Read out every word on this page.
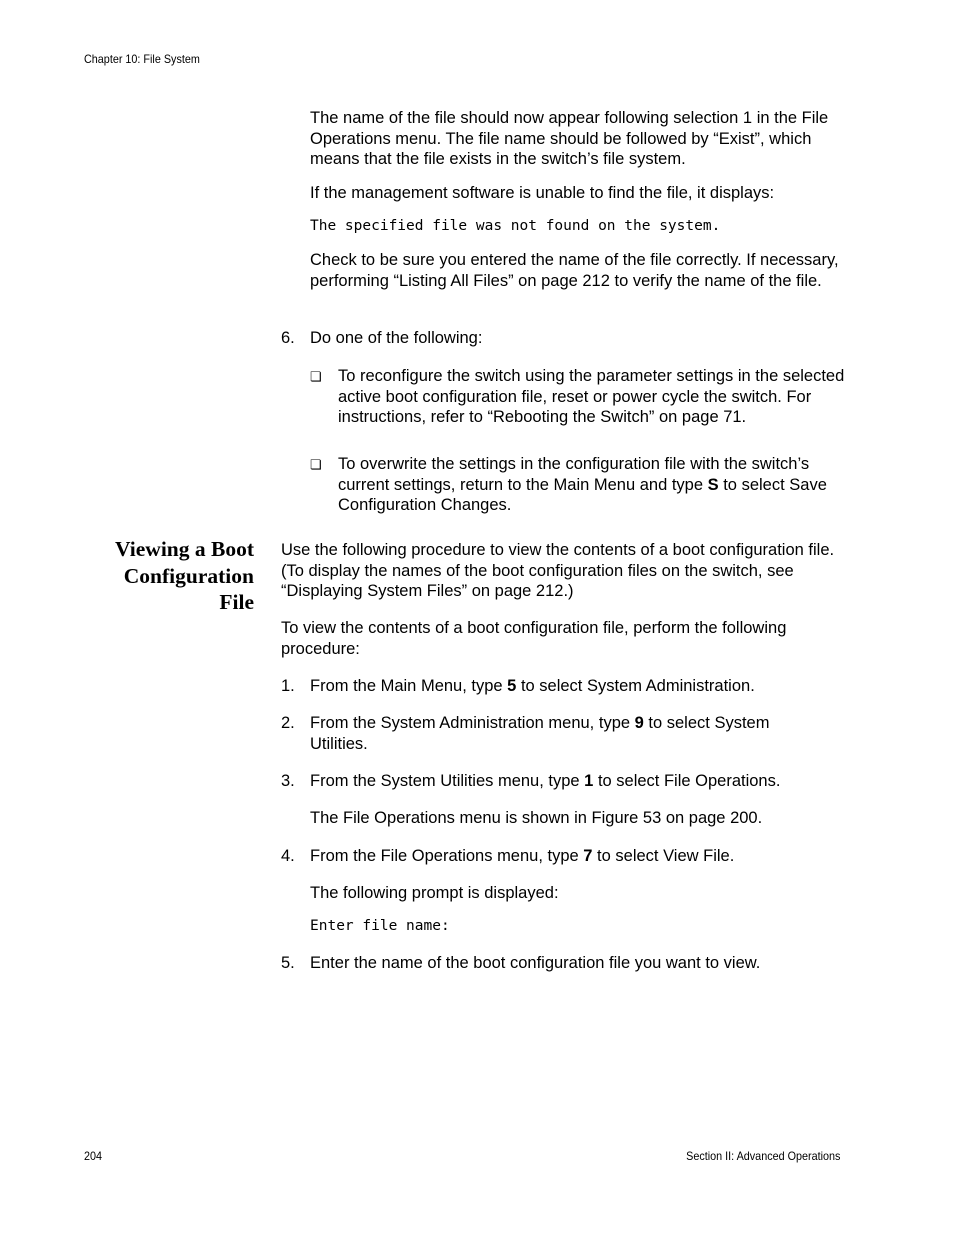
Chapter 10: File System

The name of the file should now appear following selection 1 in the File Operations menu. The file name should be followed by “Exist”, which means that the file exists in the switch’s file system.

If the management software is unable to find the file, it displays:

The specified file was not found on the system.

Check to be sure you entered the name of the file correctly. If necessary, performing “Listing All Files” on page 212 to verify the name of the file.

6. Do one of the following:

❏ To reconfigure the switch using the parameter settings in the selected active boot configuration file, reset or power cycle the switch. For instructions, refer to “Rebooting the Switch” on page 71.

❏ To overwrite the settings in the configuration file with the switch’s current settings, return to the Main Menu and type S to select Save Configuration Changes.

Viewing a Boot
Configuration
File

Use the following procedure to view the contents of a boot configuration file. (To display the names of the boot configuration files on the switch, see “Displaying System Files” on page 212.)

To view the contents of a boot configuration file, perform the following procedure:

1. From the Main Menu, type 5 to select System Administration.

2. From the System Administration menu, type 9 to select System Utilities.

3. From the System Utilities menu, type 1 to select File Operations.

The File Operations menu is shown in Figure 53 on page 200.

4. From the File Operations menu, type 7 to select View File.

The following prompt is displayed:

Enter file name:
5. Enter the name of the boot configuration file you want to view.

204	Section II: Advanced Operations
